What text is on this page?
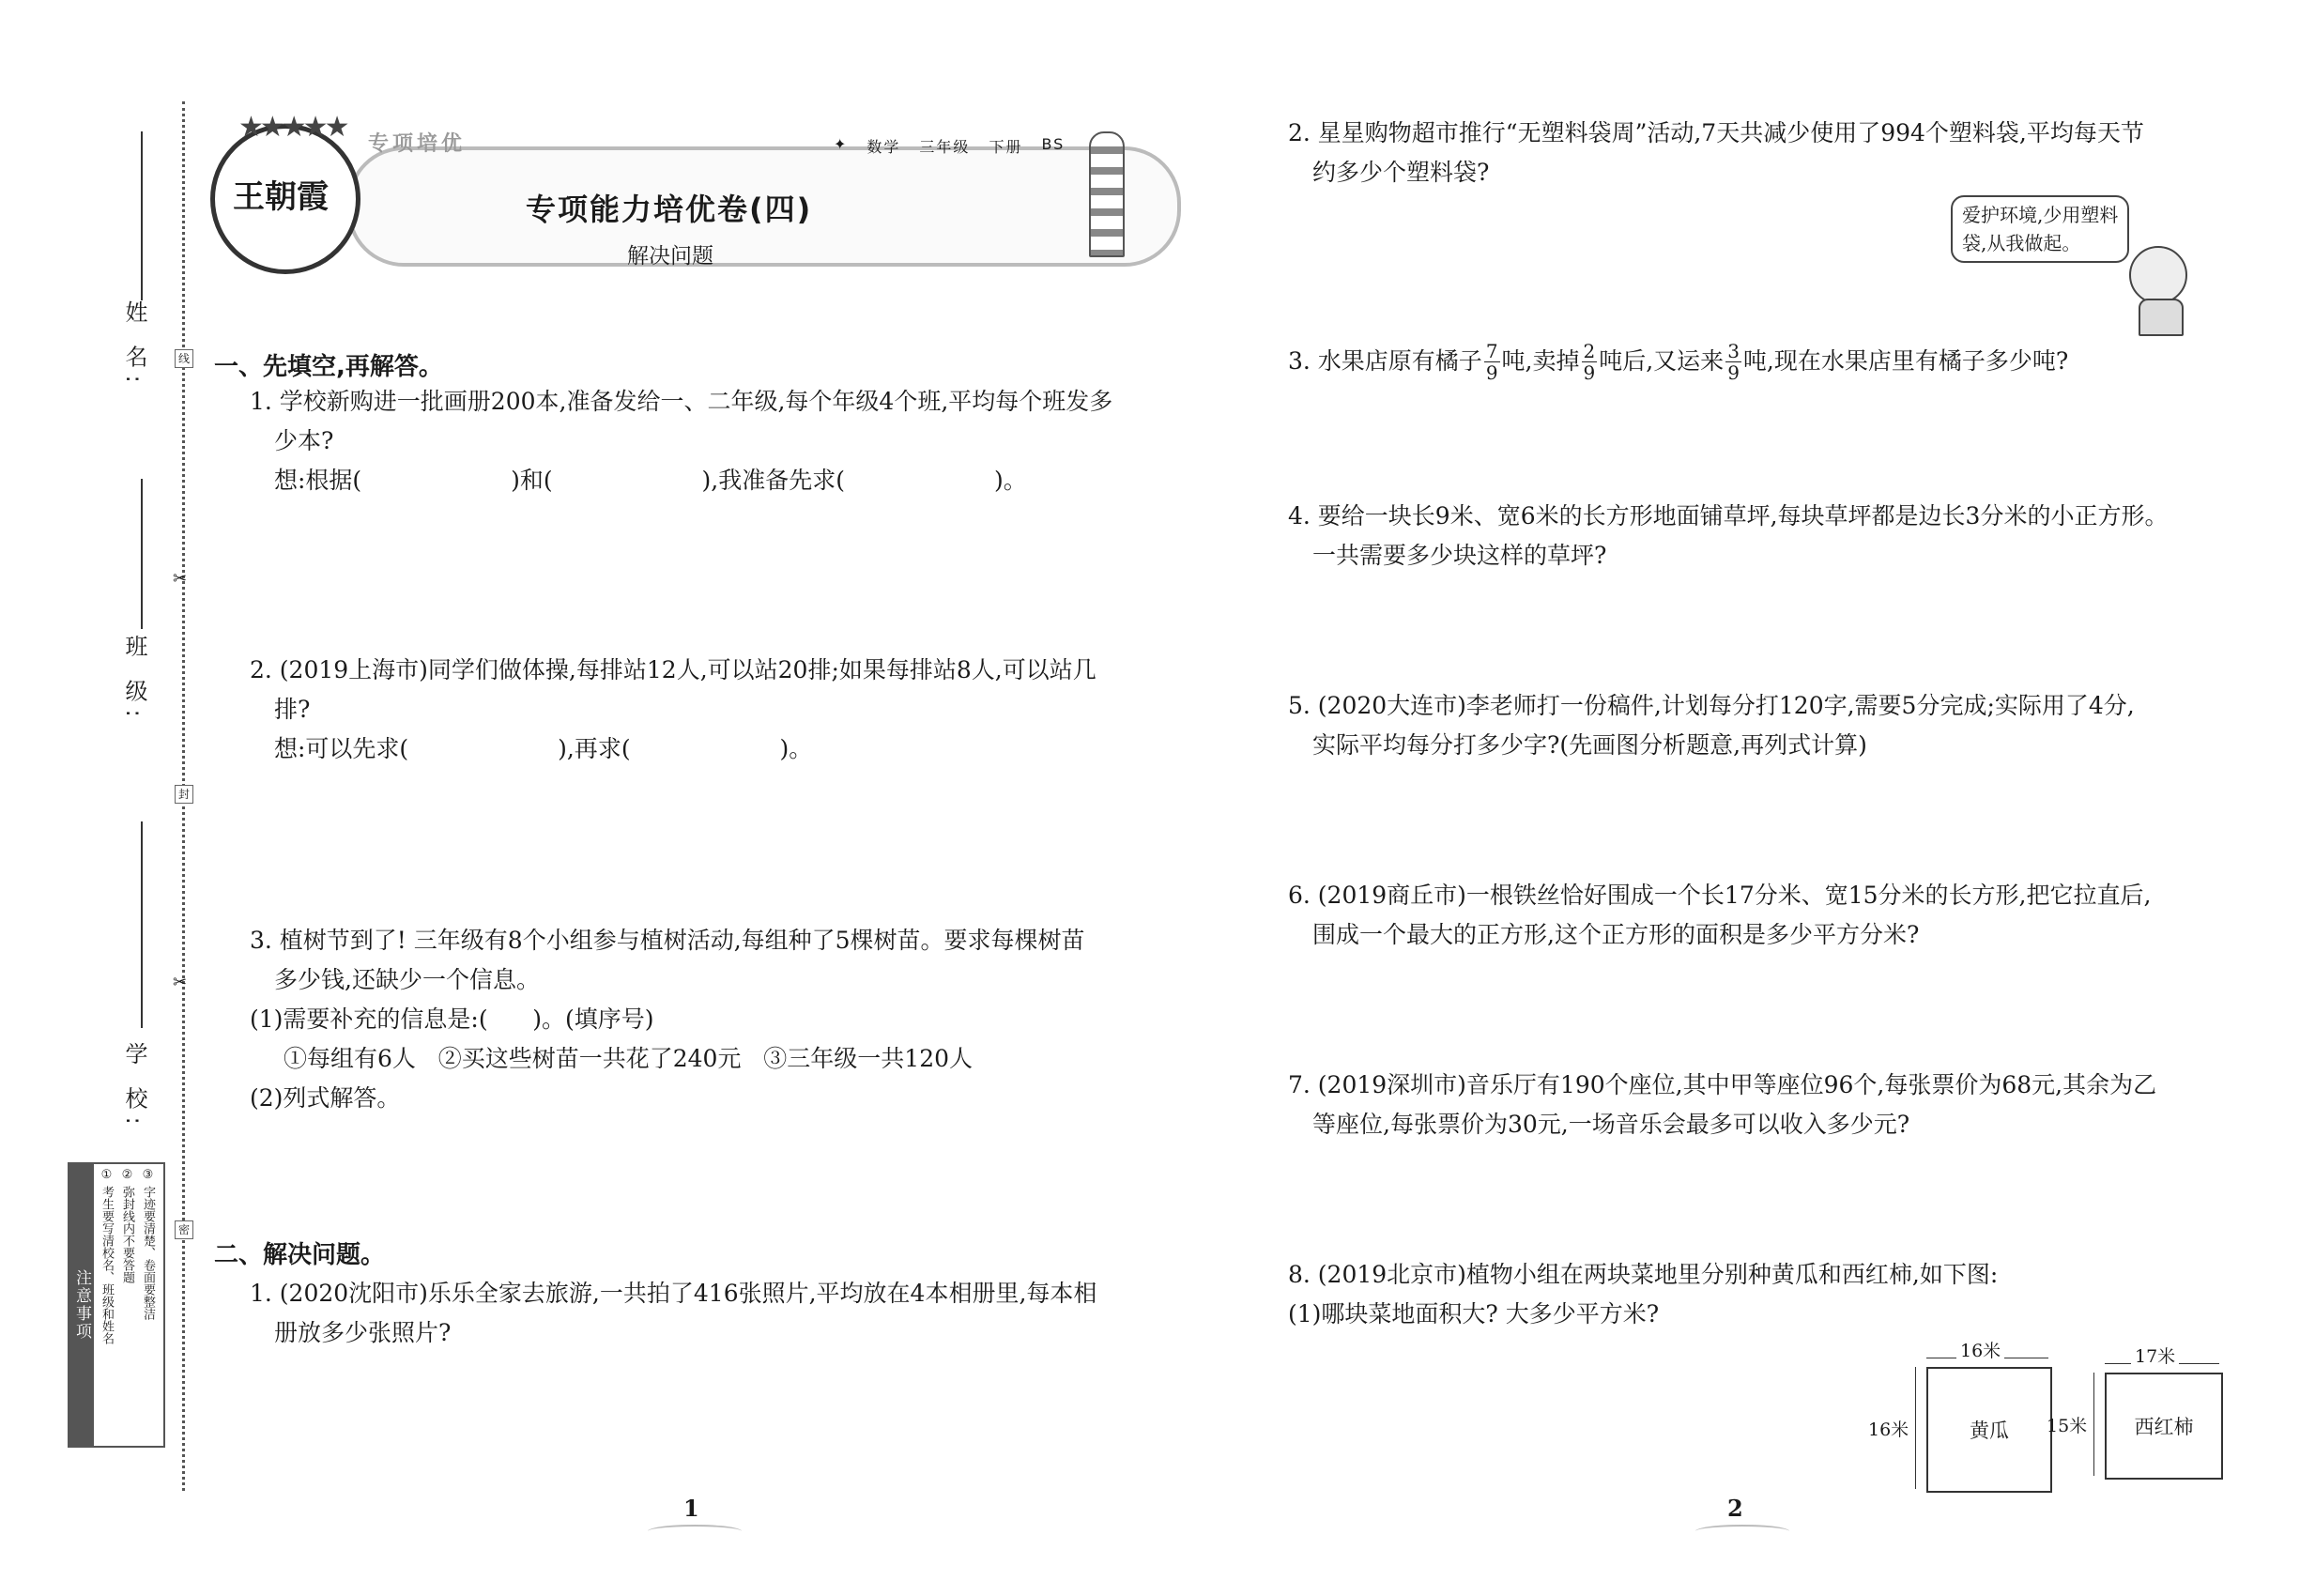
姓 名:
班 级:
学 校:
线
✂
封
✂
密
注意事项 ① 考生要写清校名、班级和姓名 ② 弥封线内不要答题 ③ 字迹要清楚、卷面要整洁
★★★★★
王朝霞
专项培优	✦ 数学 三年级 下册 BS
专项能力培优卷(四)
解决问题
一、先填空,再解答。
1. 学校新购进一批画册200本,准备发给一、二年级,每个年级4个班,平均每个班发多
少本?
想:根据(                    )和(                    ),我准备先求(                    )。
2. (2019上海市)同学们做体操,每排站12人,可以站20排;如果每排站8人,可以站几
排?
想:可以先求(                    ),再求(                    )。
3. 植树节到了! 三年级有8个小组参与植树活动,每组种了5棵树苗。要求每棵树苗
多少钱,还缺少一个信息。
(1)需要补充的信息是:(      )。(填序号)
①每组有6人   ②买这些树苗一共花了240元   ③三年级一共120人
(2)列式解答。
二、解决问题。
1. (2020沈阳市)乐乐全家去旅游,一共拍了416张照片,平均放在4本相册里,每本相
册放多少张照片?
1
2. 星星购物超市推行“无塑料袋周”活动,7天共减少使用了994个塑料袋,平均每天节
约多少个塑料袋?
爱护环境,少用塑料
袋,从我做起。
3. 水果店原有橘子 $\frac{7}{9}$ 吨,卖掉 $\frac{2}{9}$ 吨后,又运来 $\frac{3}{9}$ 吨,现在水果店里有橘子多少吨?
4. 要给一块长9米、宽6米的长方形地面铺草坪,每块草坪都是边长3分米的小正方形。
一共需要多少块这样的草坪?
5. (2020大连市)李老师打一份稿件,计划每分打120字,需要5分完成;实际用了4分,
实际平均每分打多少字?(先画图分析题意,再列式计算)
6. (2019商丘市)一根铁丝恰好围成一个长17分米、宽15分米的长方形,把它拉直后,
围成一个最大的正方形,这个正方形的面积是多少平方分米?
7. (2019深圳市)音乐厅有190个座位,其中甲等座位96个,每张票价为68元,其余为乙
等座位,每张票价为30元,一场音乐会最多可以收入多少元?
8. (2019北京市)植物小组在两块菜地里分别种黄瓜和西红柿,如下图:
(1)哪块菜地面积大? 大多少平方米?
16米
黄瓜
16米
17米
西红柿
15米
2
